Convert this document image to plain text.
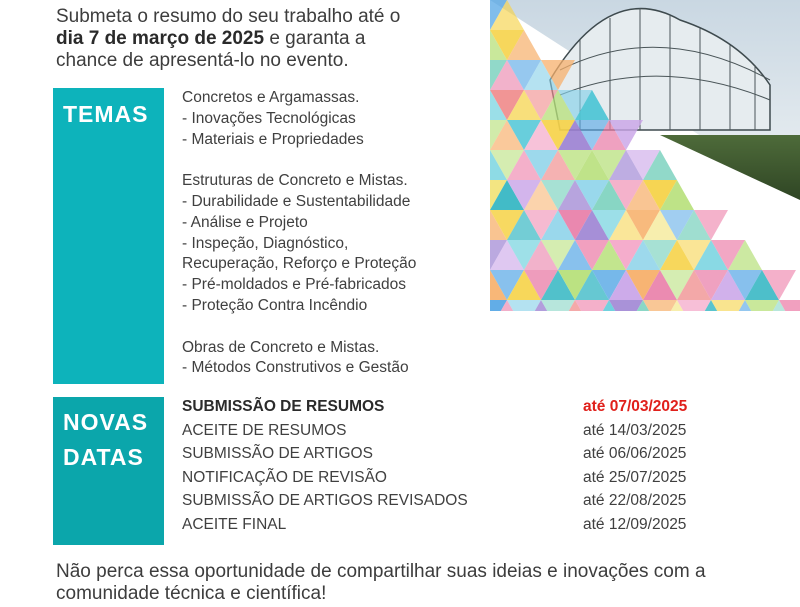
Submeta o resumo do seu trabalho até o
dia 7 de março de 2025 e garanta a
chance de apresentá-lo no evento.
TEMAS
Concretos e Argamassas.
- Inovações Tecnológicas
- Materiais e Propriedades
Estruturas de Concreto e Mistas.
- Durabilidade e Sustentabilidade
- Análise e Projeto
- Inspeção, Diagnóstico,
Recuperação, Reforço e Proteção
- Pré-moldados e Pré-fabricados
- Proteção Contra Incêndio
Obras de Concreto e Mistas.
- Métodos Construtivos e Gestão
NOVAS
DATAS
SUBMISSÃO DE RESUMOS	até 07/03/2025
ACEITE DE RESUMOS	até 14/03/2025
SUBMISSÃO DE ARTIGOS	até 06/06/2025
NOTIFICAÇÃO DE REVISÃO	até 25/07/2025
SUBMISSÃO DE ARTIGOS REVISADOS	até 22/08/2025
ACEITE FINAL	até 12/09/2025
Não perca essa oportunidade de compartilhar suas ideias e inovações com a
comunidade técnica e científica!
